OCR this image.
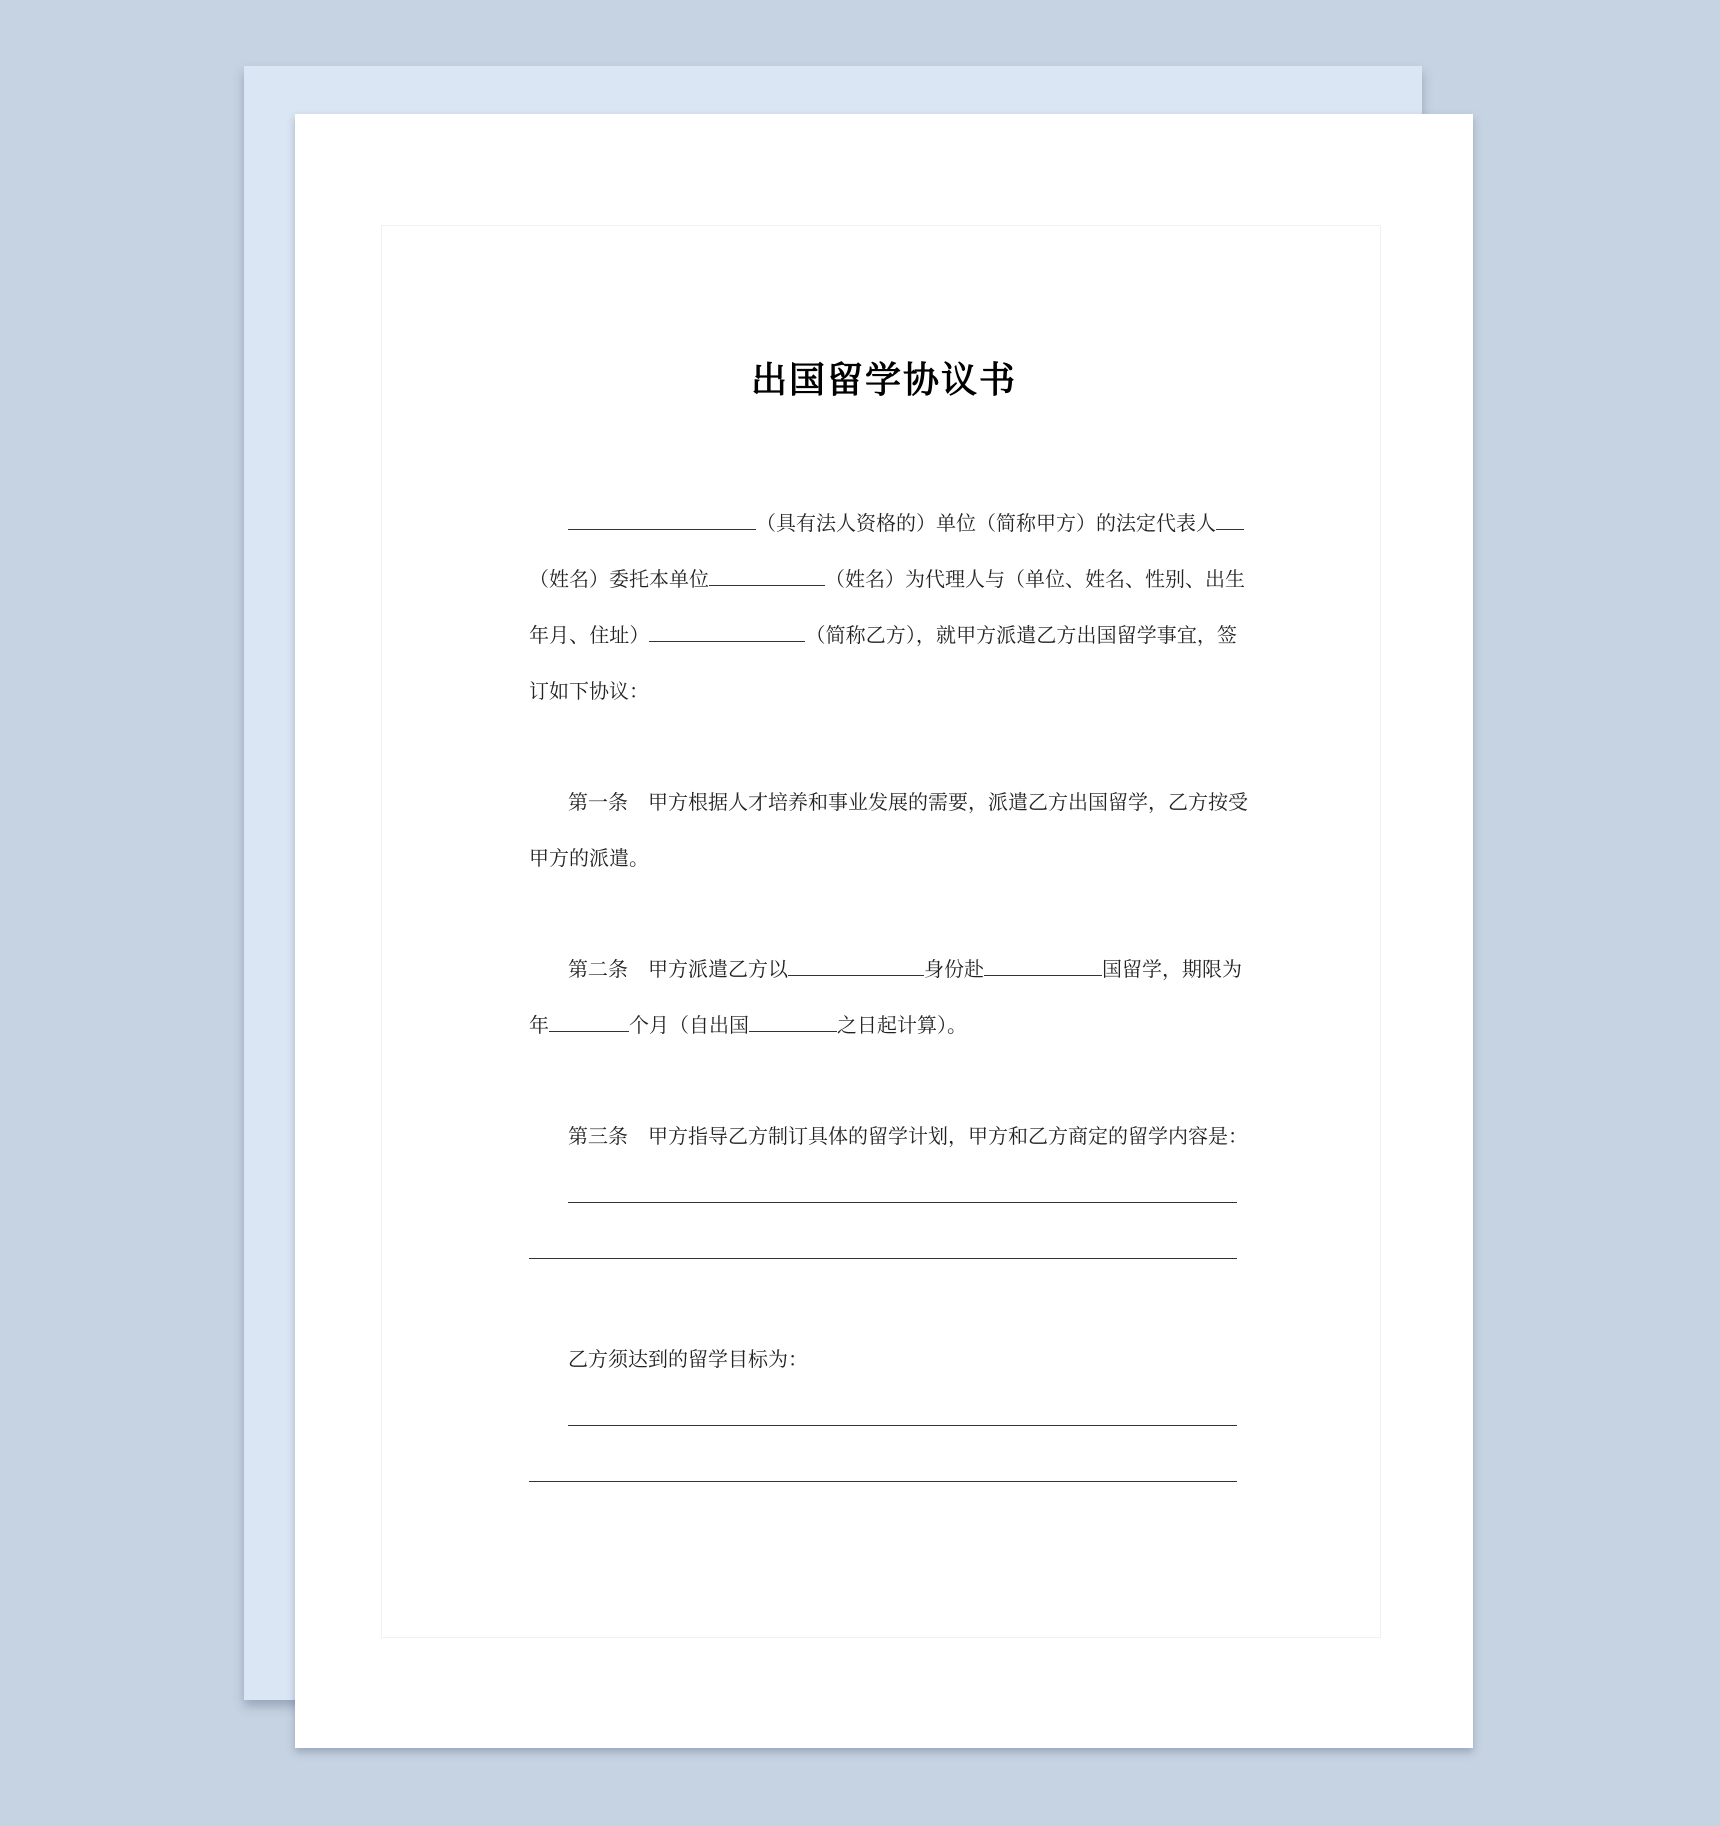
出国留学协议书
（具有法人资格的）单位（简称甲方）的法定代表人
（姓名）委托本单位	（姓名）为代理人与（单位、姓名、性别、出生
年月、住址）	（简称乙方），就甲方派遣乙方出国留学事宜，签
订如下协议：
第一条　甲方根据人才培养和事业发展的需要，派遣乙方出国留学，乙方按受
甲方的派遣。
第二条　甲方派遣乙方以	身份赴	国留学，期限为
年	个月（自出国	之日起计算）。
第三条　甲方指导乙方制订具体的留学计划，甲方和乙方商定的留学内容是：
乙方须达到的留学目标为：
